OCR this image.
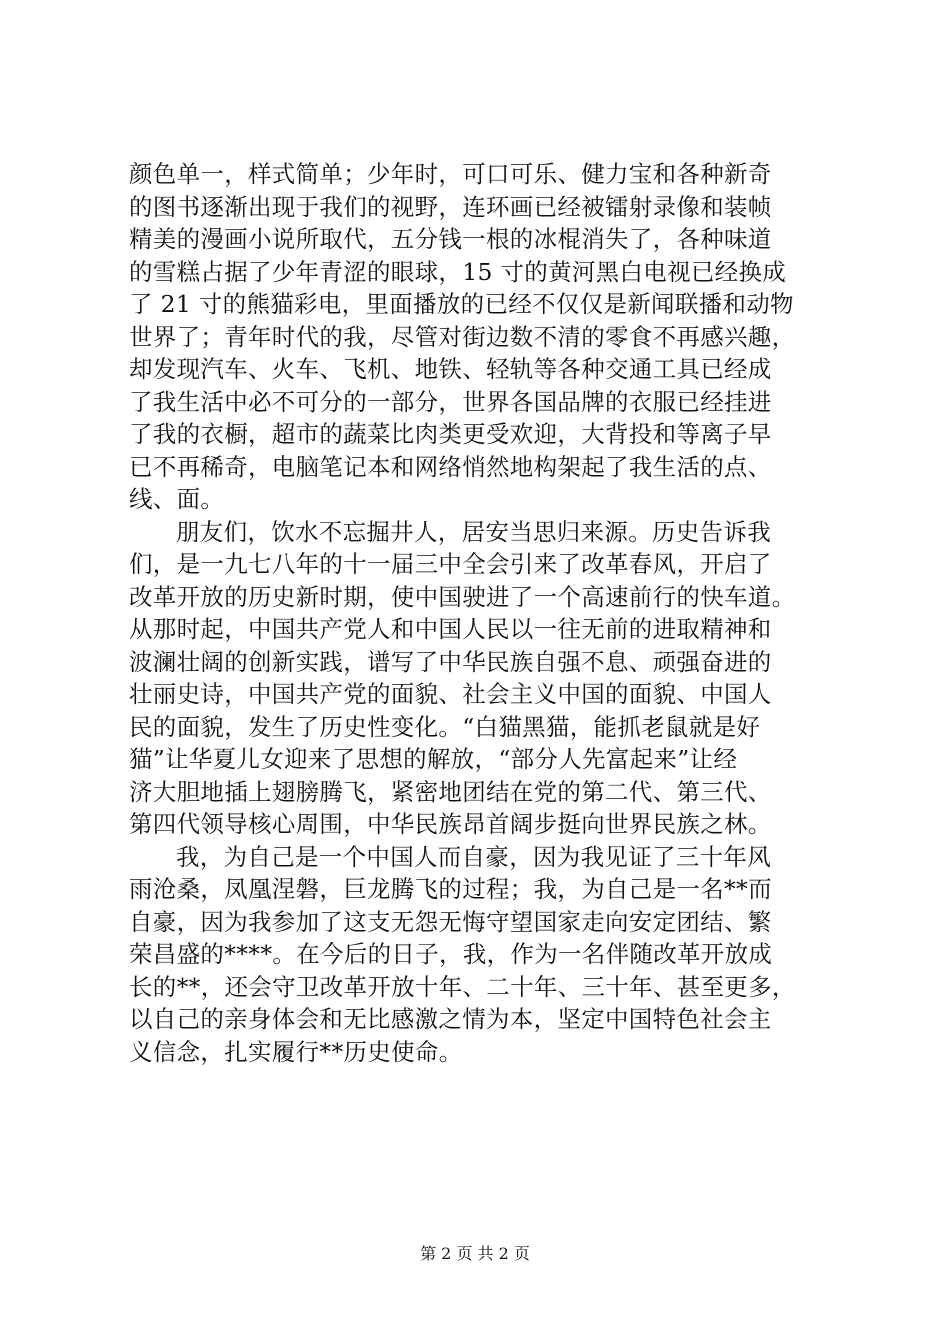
颜色单一，样式简单；少年时，可口可乐、健力宝和各种新奇
的图书逐渐出现于我们的视野，连环画已经被镭射录像和装帧
精美的漫画小说所取代，五分钱一根的冰棍消失了，各种味道
的雪糕占据了少年青涩的眼球，15 寸的黄河黑白电视已经换成
了 21 寸的熊猫彩电，里面播放的已经不仅仅是新闻联播和动物
世界了；青年时代的我，尽管对街边数不清的零食不再感兴趣，
却发现汽车、火车、飞机、地铁、轻轨等各种交通工具已经成
了我生活中必不可分的一部分，世界各国品牌的衣服已经挂进
了我的衣橱，超市的蔬菜比肉类更受欢迎，大背投和等离子早
已不再稀奇，电脑笔记本和网络悄然地构架起了我生活的点、
线、面。
朋友们，饮水不忘掘井人，居安当思归来源。历史告诉我
们，是一九七八年的十一届三中全会引来了改革春风，开启了
改革开放的历史新时期，使中国驶进了一个高速前行的快车道。
从那时起，中国共产党人和中国人民以一往无前的进取精神和
波澜壮阔的创新实践，谱写了中华民族自强不息、顽强奋进的
壮丽史诗，中国共产党的面貌、社会主义中国的面貌、中国人
民的面貌，发生了历史性变化。“白猫黑猫，能抓老鼠就是好
猫”让华夏儿女迎来了思想的解放，“部分人先富起来”让经
济大胆地插上翅膀腾飞，紧密地团结在党的第二代、第三代、
第四代领导核心周围，中华民族昂首阔步挺向世界民族之林。
我，为自己是一个中国人而自豪，因为我见证了三十年风
雨沧桑，凤凰涅磐，巨龙腾飞的过程；我，为自己是一名**而
自豪，因为我参加了这支无怨无悔守望国家走向安定团结、繁
荣昌盛的****。在今后的日子，我，作为一名伴随改革开放成
长的**，还会守卫改革开放十年、二十年、三十年、甚至更多，
以自己的亲身体会和无比感激之情为本，坚定中国特色社会主
义信念，扎实履行**历史使命。
第 2 页 共 2 页
